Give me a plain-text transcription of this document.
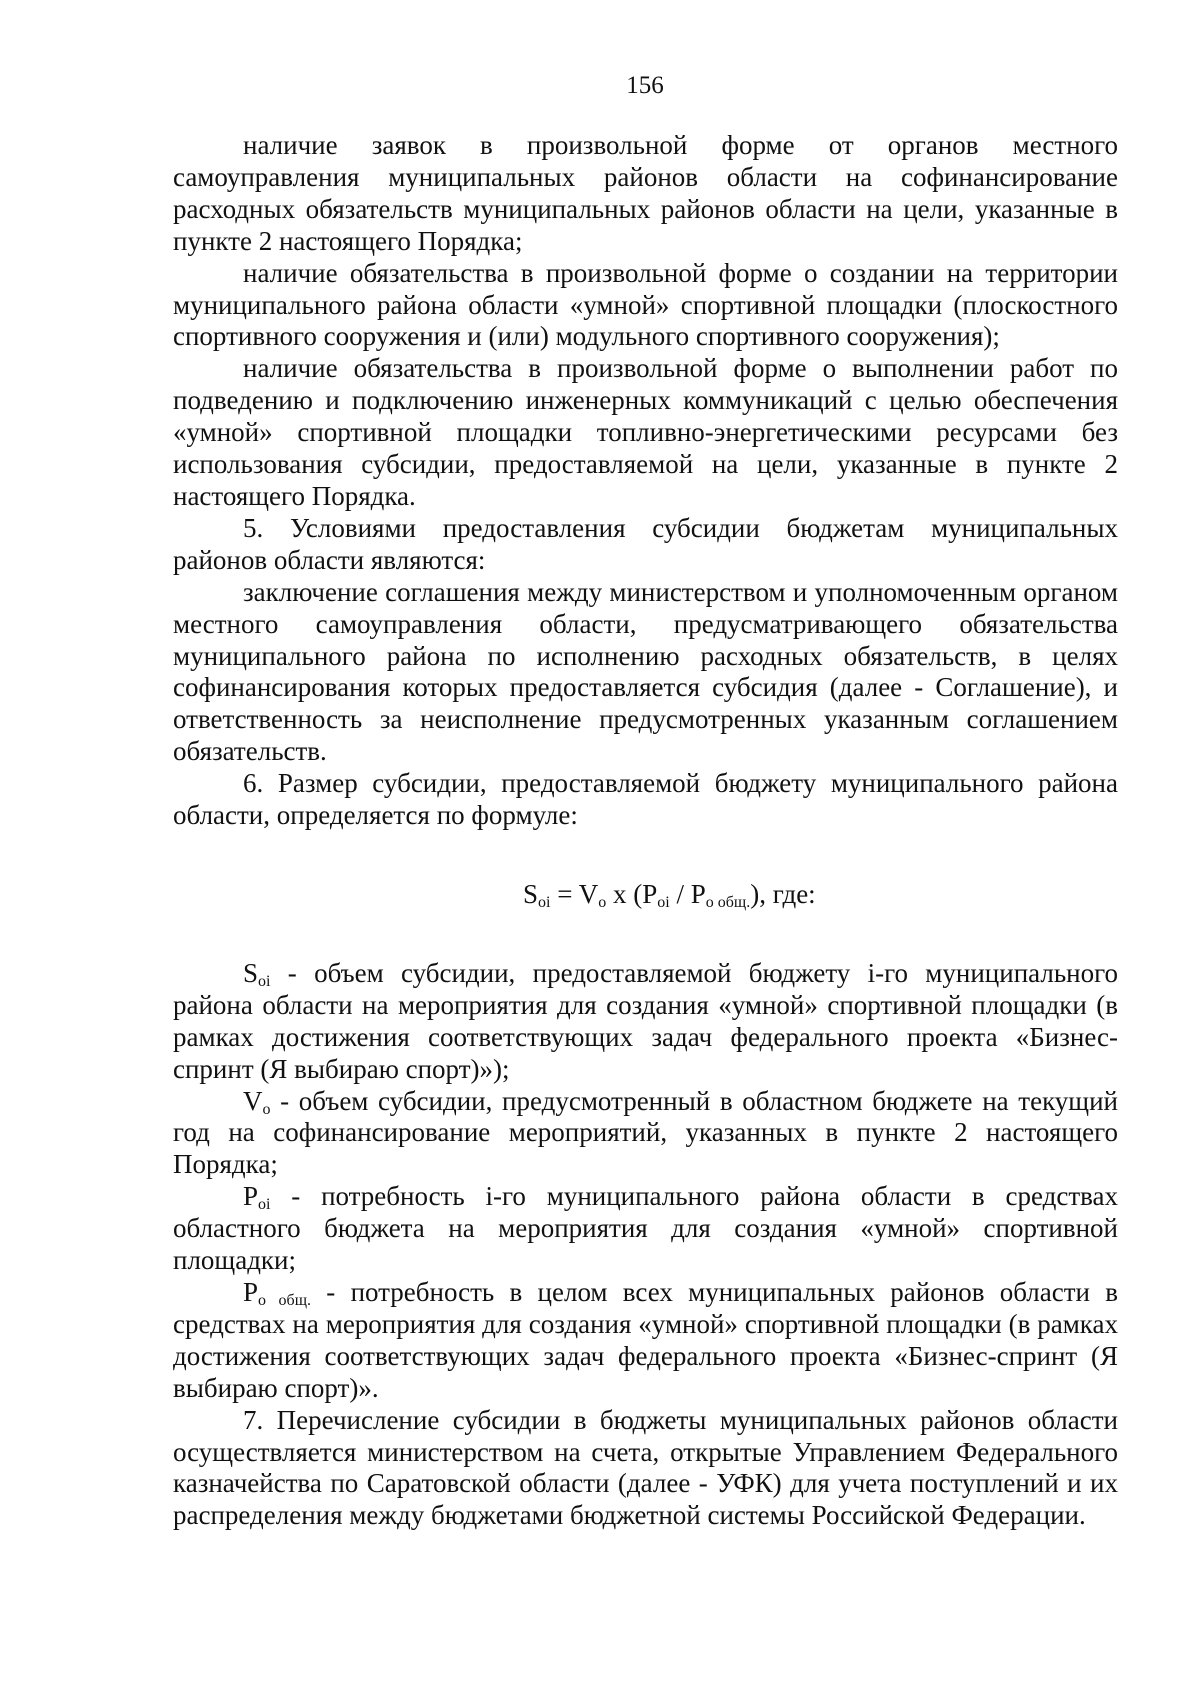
156

наличие заявок в произвольной форме от органов местного самоуправления муниципальных районов области на софинансирование расходных обязательств муниципальных районов области на цели, указанные в пункте 2 настоящего Порядка;

наличие обязательства в произвольной форме о создании на территории муниципального района области «умной» спортивной площадки (плоскостного спортивного сооружения и (или) модульного спортивного сооружения);

наличие обязательства в произвольной форме о выполнении работ по подведению и подключению инженерных коммуникаций с целью обеспечения «умной» спортивной площадки топливно-энергетическими ресурсами без использования субсидии, предоставляемой на цели, указанные в пункте 2 настоящего Порядка.

5. Условиями предоставления субсидии бюджетам муниципальных районов области являются:

заключение соглашения между министерством и уполномоченным органом местного самоуправления области, предусматривающего обязательства муниципального района по исполнению расходных обязательств, в целях софинансирования которых предоставляется субсидия (далее - Соглашение), и ответственность за неисполнение предусмотренных указанным соглашением обязательств.

6. Размер субсидии, предоставляемой бюджету муниципального района области, определяется по формуле:

$S_{oi} = V_o$ x $(P_{oi} / P_{o общ.})$, где:

$S_{oi}$ - объем субсидии, предоставляемой бюджету i-го муниципального района области на мероприятия для создания «умной» спортивной площадки (в рамках достижения соответствующих задач федерального проекта «Бизнес-спринт (Я выбираю спорт)»);

$V_o$ - объем субсидии, предусмотренный в областном бюджете на текущий год на софинансирование мероприятий, указанных в пункте 2 настоящего Порядка;

$P_{oi}$ - потребность i-го муниципального района области в средствах областного бюджета на мероприятия для создания «умной» спортивной площадки;

$P_{o общ.}$ - потребность в целом всех муниципальных районов области в средствах на мероприятия для создания «умной» спортивной площадки (в рамках достижения соответствующих задач федерального проекта «Бизнес-спринт (Я выбираю спорт)».

7. Перечисление субсидии в бюджеты муниципальных районов области осуществляется министерством на счета, открытые Управлением Федерального казначейства по Саратовской области (далее - УФК) для учета поступлений и их распределения между бюджетами бюджетной системы Российской Федерации.
